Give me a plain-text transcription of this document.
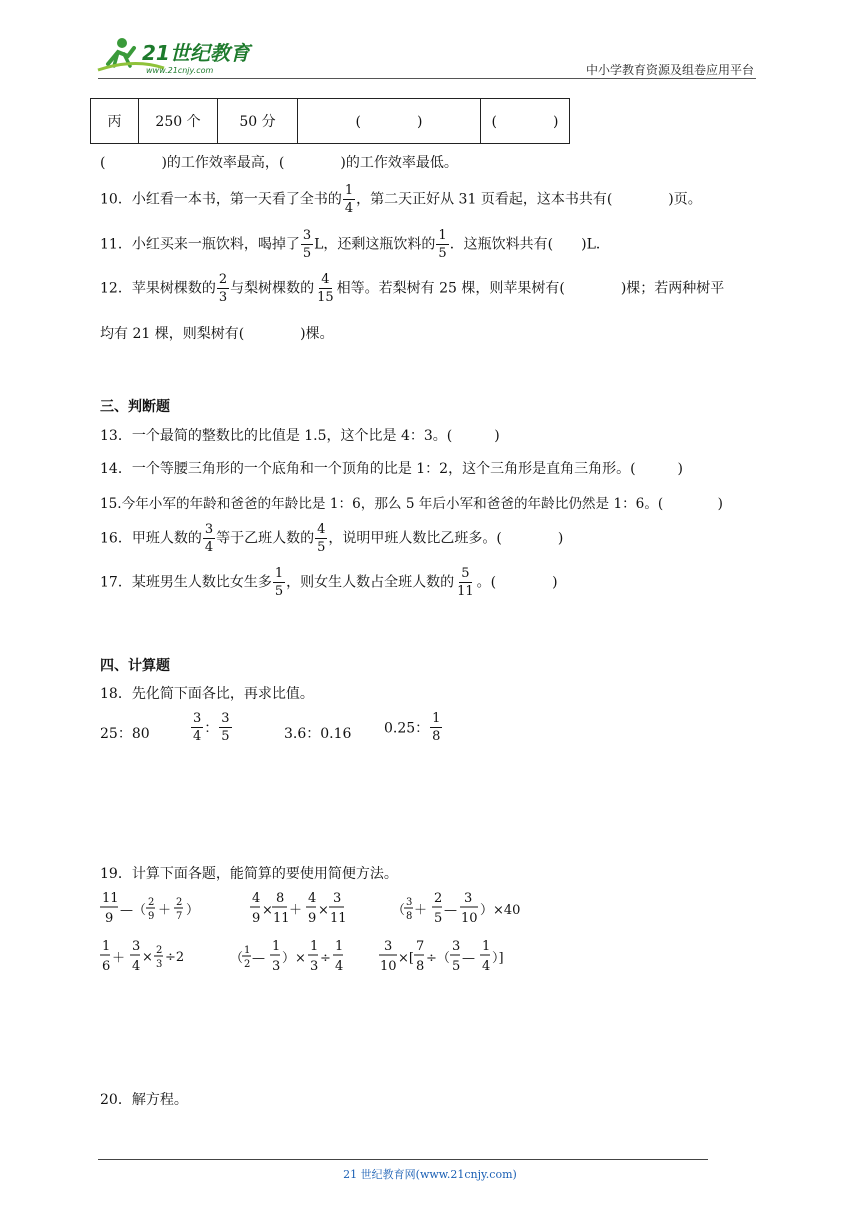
21世纪教育
www.21cnjy.com	中小学教育资源及组卷应用平台
丙	250 个	50 分	(　　　　)	(　　　　)
(　　　　)的工作效率最高，(　　　　)的工作效率最低。
10．小红看一本书，第一天看了全书的 $\frac{1}{4}$ ，第二天正好从 31 页看起，这本书共有(　　　　)页。
11．小红买来一瓶饮料，喝掉了 $\frac{3}{5}$ L，还剩这瓶饮料的 $\frac{1}{5}$ ．这瓶饮料共有(　　)L．
12．苹果树棵数的 $\frac{2}{3}$ 与梨树棵数的 $\frac{4}{15}$ 相等。若梨树有 25 棵，则苹果树有(　　　　)棵；若两种树平
均有 21 棵，则梨树有(　　　　)棵。
三、判断题
13．一个最简的整数比的比值是 1.5，这个比是 4：3。(　　　)
14．一个等腰三角形的一个底角和一个顶角的比是 1：2，这个三角形是直角三角形。(　　　)
15.今年小军的年龄和爸爸的年龄比是 1：6，那么 5 年后小军和爸爸的年龄比仍然是 1：6。(　　　　)
16．甲班人数的 $\frac{3}{4}$ 等于乙班人数的 $\frac{4}{5}$ ，说明甲班人数比乙班多。(　　　　)
17．某班男生人数比女生多 $\frac{1}{5}$ ，则女生人数占全班人数的 $\frac{5}{11}$ 。(　　　　)
四、计算题
18．先化简下面各比，再求比值。
25：80	$\frac{3}{4}$ ： $\frac{3}{5}$	3.6：0.16 0.25： $\frac{1}{8}$
19．计算下面各题，能简算的要使用简便方法。
11
9
—（
2
9 ＋
2
7 ）
4
9
×
8
11
＋
4
9
×
3
11
（
3
8 ＋
2
5
—
3
10
）×40
1
6
＋
3
4
× 2
3 ÷2	（
1
2 —
1
3
）×
1
3
÷
1
4
3
10
×[
7
8
÷（
3
5
—
1
4
）]
20．解方程。
21 世纪教育网(www.21cnjy.com)
